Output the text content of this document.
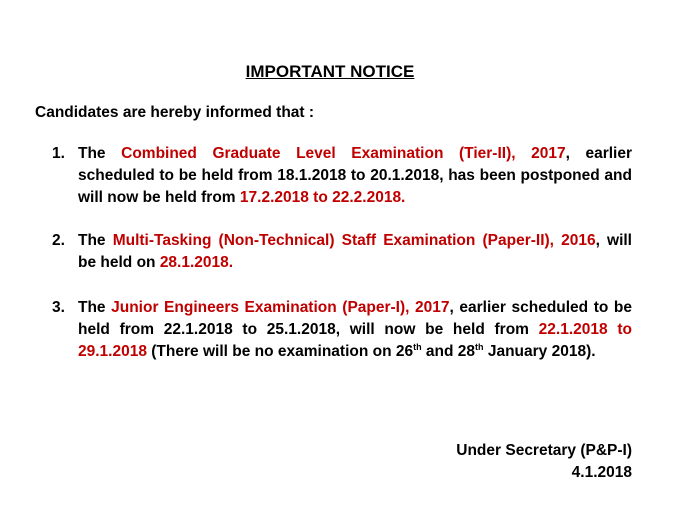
IMPORTANT NOTICE
Candidates are hereby informed that :
1. The Combined Graduate Level Examination (Tier-II), 2017, earlier scheduled to be held from 18.1.2018 to 20.1.2018, has been postponed and will now be held from 17.2.2018 to 22.2.2018.
2. The Multi-Tasking (Non-Technical) Staff Examination (Paper-II), 2016, will be held on 28.1.2018.
3. The Junior Engineers Examination (Paper-I), 2017, earlier scheduled to be held from 22.1.2018 to 25.1.2018, will now be held from 22.1.2018 to 29.1.2018 (There will be no examination on 26th and 28th January 2018).
Under Secretary (P&P-I)
4.1.2018
